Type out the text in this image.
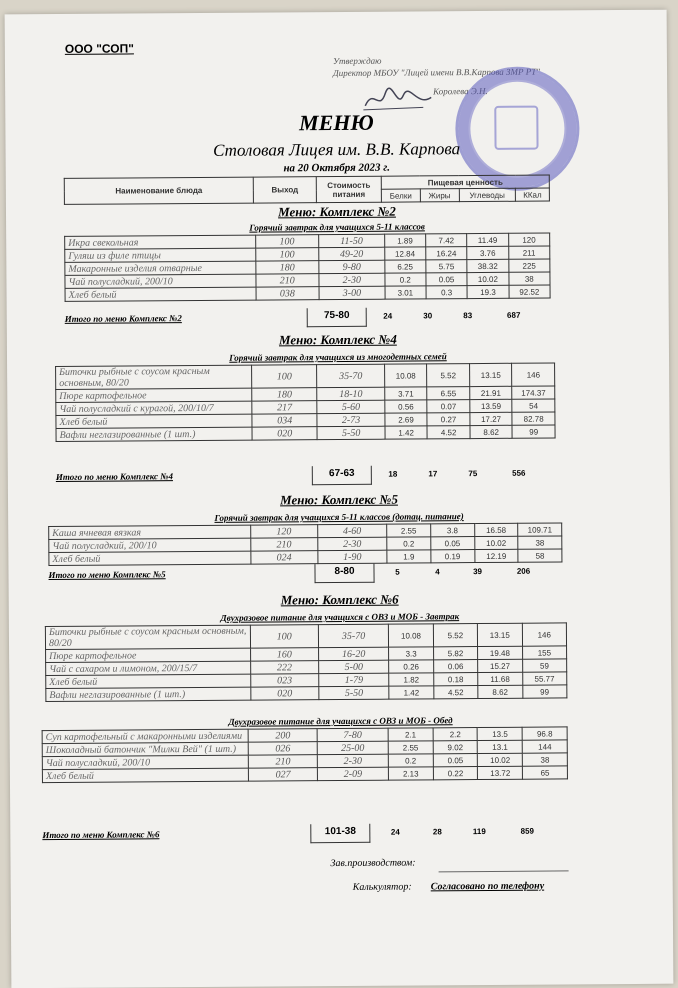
ООО "СОП"
Утверждаю
Директор МБОУ "Лицей имени В.В.Карпова ЗМР РТ"
Королева Э.Н.
МЕНЮ
Столовая Лицея им. В.В. Карпова
на 20 Октября 2023 г.
Наименование блюда	Выход	Стоимость питания	Пищевая ценность			
			Белки	Жиры	Углеводы	ККал
Меню: Комплекс №2
Горячий завтрак для учащихся 5-11 классов
Икра свекольная	100	11-50	1.89	7.42	11.49	120
Гуляш из филе птицы	100	49-20	12.84	16.24	3.76	211
Макаронные изделия отварные	180	9-80	6.25	5.75	38.32	225
Чай полусладкий, 200/10	210	2-30	0.2	0.05	10.02	38
Хлеб белый	038	3-00	3.01	0.3	19.3	92.52
Итого по меню Комплекс №2	75-80	24	30	83	687
Меню: Комплекс №4
Горячий завтрак для учащихся из многодетных семей
Биточки рыбные с соусом красным основным, 80/20	100	35-70	10.08	5.52	13.15	146
Пюре картофельное	180	18-10	3.71	6.55	21.91	174.37
Чай полусладкий с курагой, 200/10/7	217	5-60	0.56	0.07	13.59	54
Хлеб белый	034	2-73	2.69	0.27	17.27	82.78
Вафли неглазированные (1 шт.)	020	5-50	1.42	4.52	8.62	99
Итого по меню Комплекс №4	67-63	18	17	75	556
Меню: Комплекс №5
Горячий завтрак для учащихся 5-11 классов (дотац. питание)
Каша ячневая вязкая	120	4-60	2.55	3.8	16.58	109.71
Чай полусладкий, 200/10	210	2-30	0.2	0.05	10.02	38
Хлеб белый	024	1-90	1.9	0.19	12.19	58
Итого по меню Комплекс №5	8-80	5	4	39	206
Меню: Комплекс №6
Двухразовое питание для учащихся с ОВЗ и МОБ - Завтрак
Биточки рыбные с соусом красным основным, 80/20	100	35-70	10.08	5.52	13.15	146
Пюре картофельное	160	16-20	3.3	5.82	19.48	155
Чай с сахаром и лимоном, 200/15/7	222	5-00	0.26	0.06	15.27	59
Хлеб белый	023	1-79	1.82	0.18	11.68	55.77
Вафли неглазированные (1 шт.)	020	5-50	1.42	4.52	8.62	99
Двухразовое питание для учащихся с ОВЗ и МОБ - Обед
Суп картофельный с макаронными изделиями	200	7-80	2.1	2.2	13.5	96.8
Шоколадный батончик "Милки Вей" (1 шт.)	026	25-00	2.55	9.02	13.1	144
Чай полусладкий, 200/10	210	2-30	0.2	0.05	10.02	38
Хлеб белый	027	2-09	2.13	0.22	13.72	65
Итого по меню Комплекс №6	101-38	24	28	119	859
Зав.производством:
Калькулятор: Согласовано по телефону
